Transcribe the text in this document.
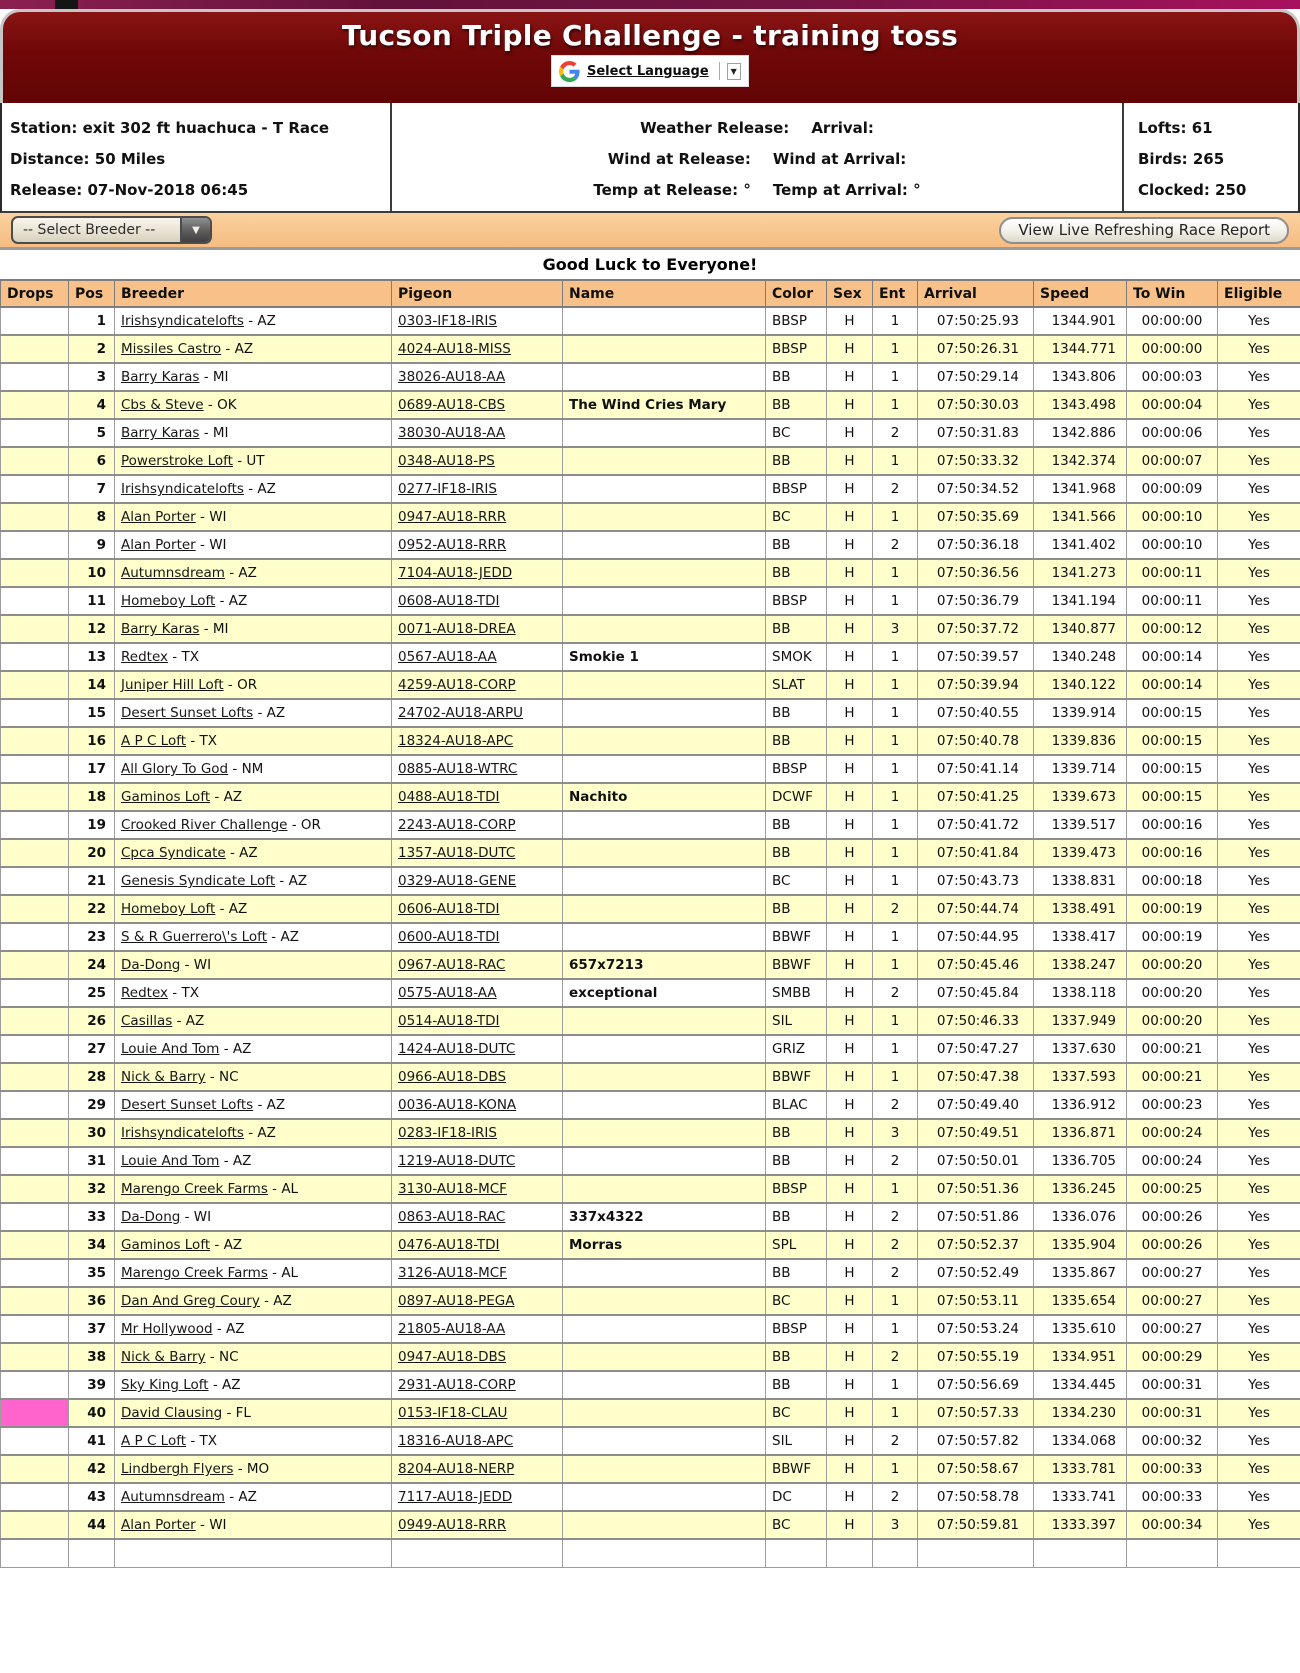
Tucson Triple Challenge - training toss
Select Language	▼
Station: exit 302 ft huachuca - T Race
Distance: 50 Miles
Release: 07-Nov-2018 06:45
Weather Release: Arrival:
Wind at Release: Wind at Arrival:
Temp at Release: ° Temp at Arrival: °
Lofts: 61
Birds: 265
Clocked: 250
-- Select Breeder --	▼	View Live Refreshing Race Report
Good Luck to Everyone!
Drops	Pos	Breeder	Pigeon	Name	Color	Sex	Ent	Arrival	Speed	To Win	Eligible
	1	Irishsyndicatelofts - AZ	0303-IF18-IRIS		BBSP	H	1	07:50:25.93	1344.901	00:00:00	Yes
	2	Missiles Castro - AZ	4024-AU18-MISS		BBSP	H	1	07:50:26.31	1344.771	00:00:00	Yes
	3	Barry Karas - MI	38026-AU18-AA		BB	H	1	07:50:29.14	1343.806	00:00:03	Yes
	4	Cbs & Steve - OK	0689-AU18-CBS	The Wind Cries Mary	BB	H	1	07:50:30.03	1343.498	00:00:04	Yes
	5	Barry Karas - MI	38030-AU18-AA		BC	H	2	07:50:31.83	1342.886	00:00:06	Yes
	6	Powerstroke Loft - UT	0348-AU18-PS		BB	H	1	07:50:33.32	1342.374	00:00:07	Yes
	7	Irishsyndicatelofts - AZ	0277-IF18-IRIS		BBSP	H	2	07:50:34.52	1341.968	00:00:09	Yes
	8	Alan Porter - WI	0947-AU18-RRR		BC	H	1	07:50:35.69	1341.566	00:00:10	Yes
	9	Alan Porter - WI	0952-AU18-RRR		BB	H	2	07:50:36.18	1341.402	00:00:10	Yes
	10	Autumnsdream - AZ	7104-AU18-JEDD		BB	H	1	07:50:36.56	1341.273	00:00:11	Yes
	11	Homeboy Loft - AZ	0608-AU18-TDI		BBSP	H	1	07:50:36.79	1341.194	00:00:11	Yes
	12	Barry Karas - MI	0071-AU18-DREA		BB	H	3	07:50:37.72	1340.877	00:00:12	Yes
	13	Redtex - TX	0567-AU18-AA	Smokie 1	SMOK	H	1	07:50:39.57	1340.248	00:00:14	Yes
	14	Juniper Hill Loft - OR	4259-AU18-CORP		SLAT	H	1	07:50:39.94	1340.122	00:00:14	Yes
	15	Desert Sunset Lofts - AZ	24702-AU18-ARPU		BB	H	1	07:50:40.55	1339.914	00:00:15	Yes
	16	A P C Loft - TX	18324-AU18-APC		BB	H	1	07:50:40.78	1339.836	00:00:15	Yes
	17	All Glory To God - NM	0885-AU18-WTRC		BBSP	H	1	07:50:41.14	1339.714	00:00:15	Yes
	18	Gaminos Loft - AZ	0488-AU18-TDI	Nachito	DCWF	H	1	07:50:41.25	1339.673	00:00:15	Yes
	19	Crooked River Challenge - OR	2243-AU18-CORP		BB	H	1	07:50:41.72	1339.517	00:00:16	Yes
	20	Cpca Syndicate - AZ	1357-AU18-DUTC		BB	H	1	07:50:41.84	1339.473	00:00:16	Yes
	21	Genesis Syndicate Loft - AZ	0329-AU18-GENE		BC	H	1	07:50:43.73	1338.831	00:00:18	Yes
	22	Homeboy Loft - AZ	0606-AU18-TDI		BB	H	2	07:50:44.74	1338.491	00:00:19	Yes
	23	S & R Guerrero\'s Loft - AZ	0600-AU18-TDI		BBWF	H	1	07:50:44.95	1338.417	00:00:19	Yes
	24	Da-Dong - WI	0967-AU18-RAC	657x7213	BBWF	H	1	07:50:45.46	1338.247	00:00:20	Yes
	25	Redtex - TX	0575-AU18-AA	exceptional	SMBB	H	2	07:50:45.84	1338.118	00:00:20	Yes
	26	Casillas - AZ	0514-AU18-TDI		SIL	H	1	07:50:46.33	1337.949	00:00:20	Yes
	27	Louie And Tom - AZ	1424-AU18-DUTC		GRIZ	H	1	07:50:47.27	1337.630	00:00:21	Yes
	28	Nick & Barry - NC	0966-AU18-DBS		BBWF	H	1	07:50:47.38	1337.593	00:00:21	Yes
	29	Desert Sunset Lofts - AZ	0036-AU18-KONA		BLAC	H	2	07:50:49.40	1336.912	00:00:23	Yes
	30	Irishsyndicatelofts - AZ	0283-IF18-IRIS		BB	H	3	07:50:49.51	1336.871	00:00:24	Yes
	31	Louie And Tom - AZ	1219-AU18-DUTC		BB	H	2	07:50:50.01	1336.705	00:00:24	Yes
	32	Marengo Creek Farms - AL	3130-AU18-MCF		BBSP	H	1	07:50:51.36	1336.245	00:00:25	Yes
	33	Da-Dong - WI	0863-AU18-RAC	337x4322	BB	H	2	07:50:51.86	1336.076	00:00:26	Yes
	34	Gaminos Loft - AZ	0476-AU18-TDI	Morras	SPL	H	2	07:50:52.37	1335.904	00:00:26	Yes
	35	Marengo Creek Farms - AL	3126-AU18-MCF		BB	H	2	07:50:52.49	1335.867	00:00:27	Yes
	36	Dan And Greg Coury - AZ	0897-AU18-PEGA		BC	H	1	07:50:53.11	1335.654	00:00:27	Yes
	37	Mr Hollywood - AZ	21805-AU18-AA		BBSP	H	1	07:50:53.24	1335.610	00:00:27	Yes
	38	Nick & Barry - NC	0947-AU18-DBS		BB	H	2	07:50:55.19	1334.951	00:00:29	Yes
	39	Sky King Loft - AZ	2931-AU18-CORP		BB	H	1	07:50:56.69	1334.445	00:00:31	Yes
	40	David Clausing - FL	0153-IF18-CLAU		BC	H	1	07:50:57.33	1334.230	00:00:31	Yes
	41	A P C Loft - TX	18316-AU18-APC		SIL	H	2	07:50:57.82	1334.068	00:00:32	Yes
	42	Lindbergh Flyers - MO	8204-AU18-NERP		BBWF	H	1	07:50:58.67	1333.781	00:00:33	Yes
	43	Autumnsdream - AZ	7117-AU18-JEDD		DC	H	2	07:50:58.78	1333.741	00:00:33	Yes
	44	Alan Porter - WI	0949-AU18-RRR		BC	H	3	07:50:59.81	1333.397	00:00:34	Yes
